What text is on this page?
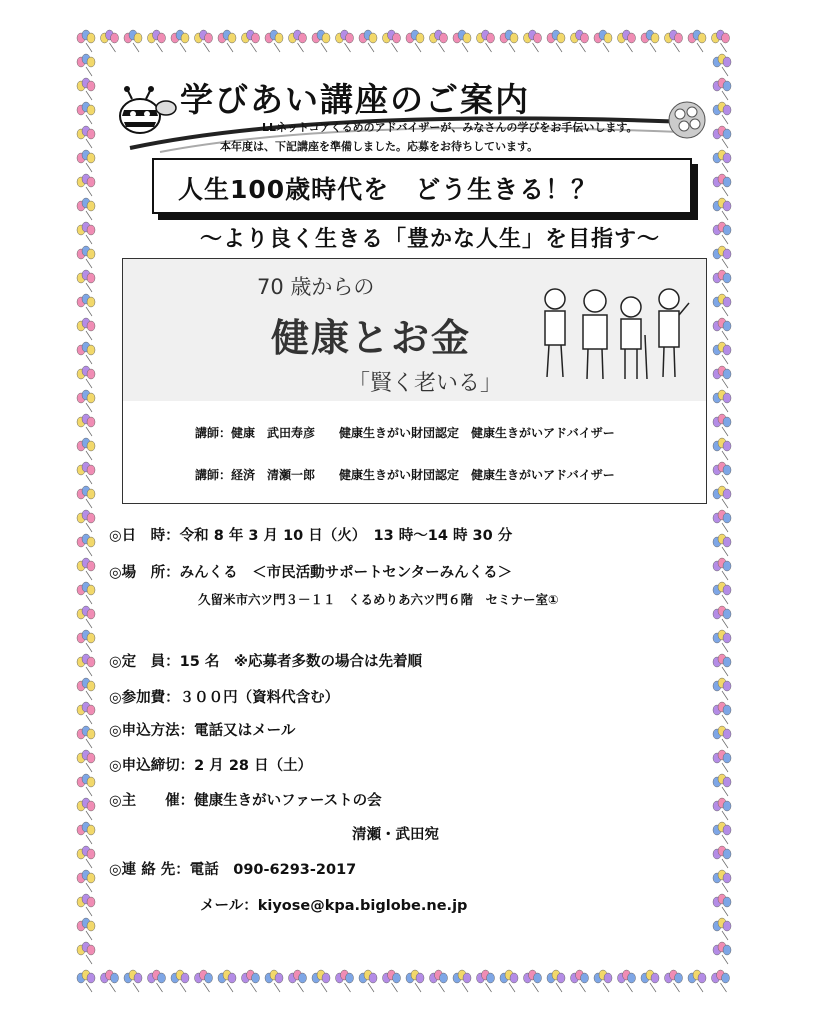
学びあい講座のご案内
LLネットコアくるめのアドバイザーが、みなさんの学びをお手伝いします。
本年度は、下記講座を準備しました。応募をお待ちしています。
人生100歳時代を　どう生きる！？
～より良く生きる「豊かな人生」を目指す～
70 歳からの
健康とお金
「賢く老いる」
講師：健康　武田寿彦　　健康生きがい財団認定　健康生きがいアドバイザー
講師：経済　清瀬一郎　　健康生きがい財団認定　健康生きがいアドバイザー
◎日　時：令和 8 年 3 月 10 日（火）　13 時～14 時 30 分
◎場　所：みんくる　＜市民活動サポートセンターみんくる＞
久留米市六ツ門３－１１　くるめりあ六ツ門６階　セミナー室①
◎定　員：15 名　※応募者多数の場合は先着順
◎参加費：３００円（資料代含む）
◎申込方法：電話又はメール
◎申込締切：2 月 28 日（土）
◎主　　催：健康生きがいファーストの会
清瀬・武田宛
◎連 絡 先：電話　090-6293-2017
メール：kiyose@kpa.biglobe.ne.jp
